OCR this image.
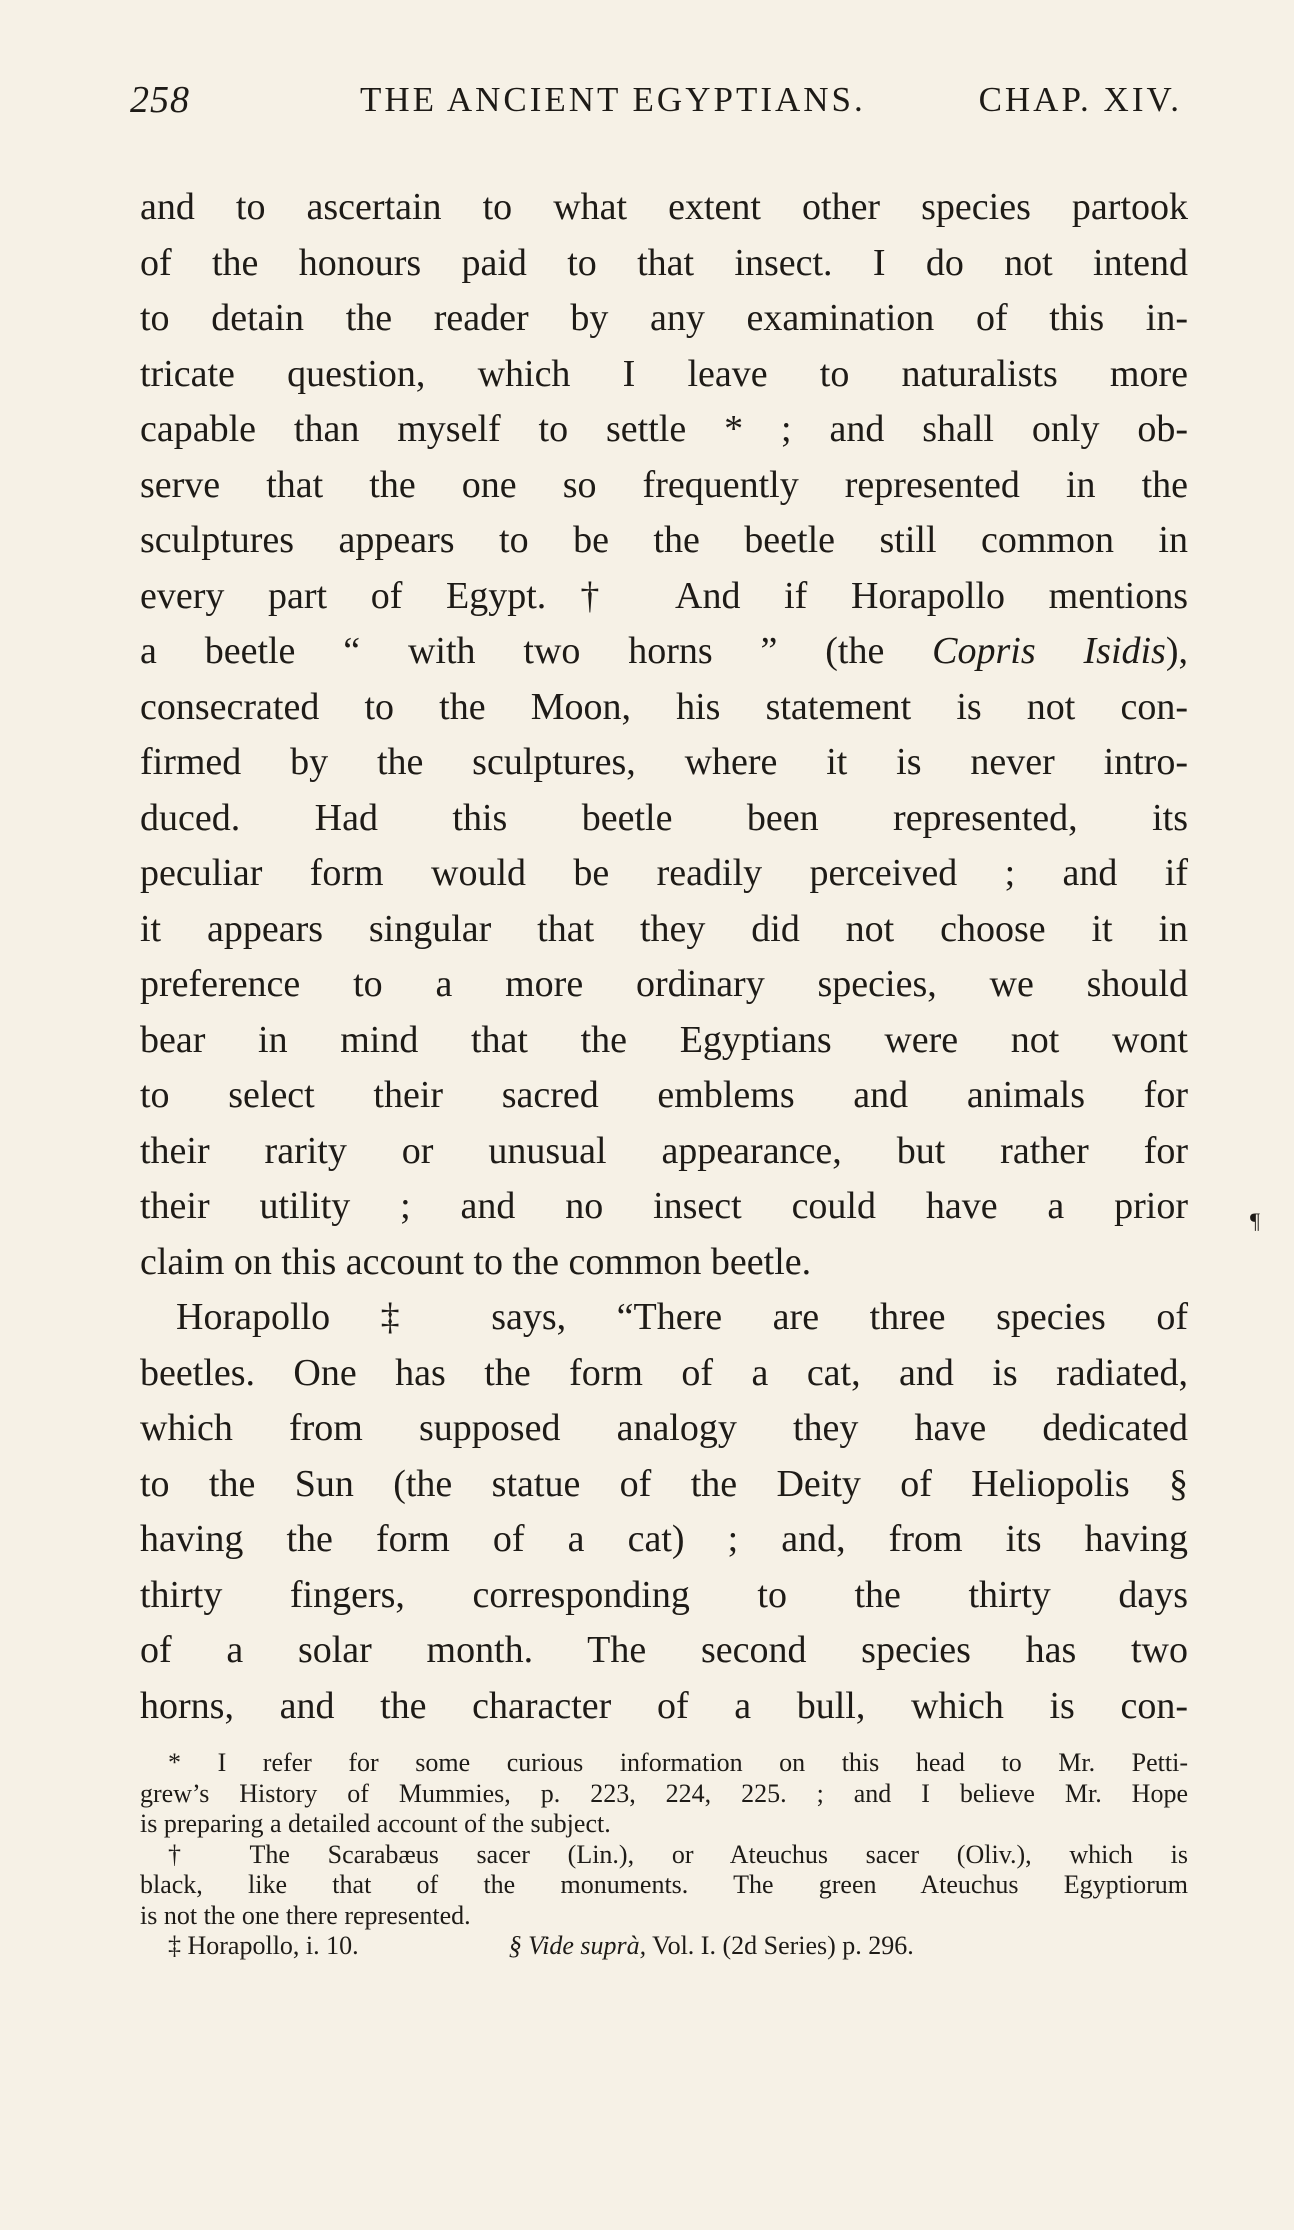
258	THE ANCIENT EGYPTIANS.	CHAP. XIV.
and to ascertain to what extent other species partook
of the honours paid to that insect. I do not intend
to detain the reader by any examination of this in-
tricate question, which I leave to naturalists more
capable than myself to settle * ; and shall only ob-
serve that the one so frequently represented in the
sculptures appears to be the beetle still common in
every part of Egypt.† And if Horapollo mentions
a beetle “ with two horns ” (the Copris Isidis),
consecrated to the Moon, his statement is not con-
firmed by the sculptures, where it is never intro-
duced. Had this beetle been represented, its
peculiar form would be readily perceived ; and if
it appears singular that they did not choose it in
preference to a more ordinary species, we should
bear in mind that the Egyptians were not wont
to select their sacred emblems and animals for
their rarity or unusual appearance, but rather for
their utility ; and no insect could have a prior
claim on this account to the common beetle.
Horapollo ‡ says, “There are three species of
beetles. One has the form of a cat, and is radiated,
which from supposed analogy they have dedicated
to the Sun (the statue of the Deity of Heliopolis §
having the form of a cat) ; and, from its having
thirty fingers, corresponding to the thirty days
of a solar month. The second species has two
horns, and the character of a bull, which is con-
¶
* I refer for some curious information on this head to Mr. Petti-
grew’s History of Mummies, p. 223, 224, 225. ; and I believe Mr. Hope
is preparing a detailed account of the subject.
† The Scarabæus sacer (Lin.), or Ateuchus sacer (Oliv.), which is
black, like that of the monuments. The green Ateuchus Egyptiorum
is not the one there represented.
‡ Horapollo, i. 10.	§ Vide suprà, Vol. I. (2d Series) p. 296.
